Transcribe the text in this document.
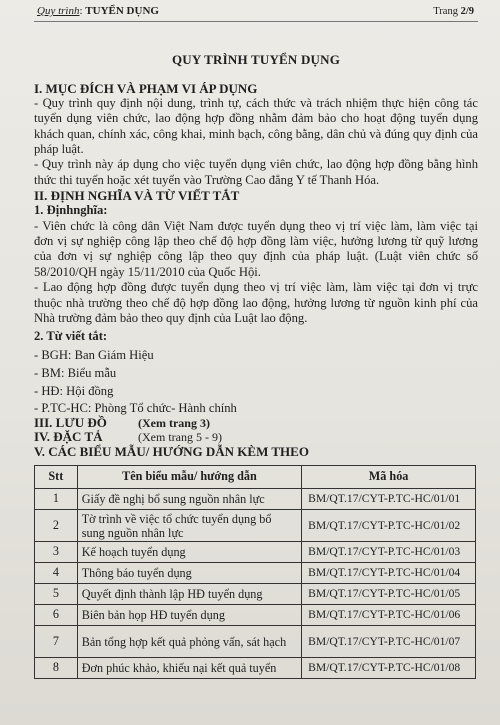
Quy trình: TUYỂN DỤNG	Trang 2/9
QUY TRÌNH TUYỂN DỤNG
I. MỤC ĐÍCH VÀ PHẠM VI ÁP DỤNG

- Quy trình quy định nội dung, trình tự, cách thức và trách nhiệm thực hiện công tác tuyển dụng viên chức, lao động hợp đồng nhằm đảm bảo cho hoạt động tuyển dụng khách quan, chính xác, công khai, minh bạch, công bằng, dân chủ và đúng quy định của pháp luật.

- Quy trình này áp dụng cho việc tuyển dụng viên chức, lao động hợp đồng bằng hình thức thi tuyển hoặc xét tuyển vào Trường Cao đẳng Y tế Thanh Hóa.

II. ĐỊNH NGHĨA VÀ TỪ VIẾT TẮT
1. Địnhnghĩa:

- Viên chức là công dân Việt Nam được tuyển dụng theo vị trí việc làm, làm việc tại đơn vị sự nghiệp công lập theo chế độ hợp đồng làm việc, hưởng lương từ quỹ lương của đơn vị sự nghiệp công lập theo quy định của pháp luật. (Luật viên chức số 58/2010/QH ngày 15/11/2010 của Quốc Hội.

- Lao động hợp đồng được tuyển dụng theo vị trí việc làm, làm việc tại đơn vị trực thuộc nhà trường theo chế độ hợp đồng lao động, hưởng lương từ nguồn kinh phí của Nhà trường đảm bảo theo quy định của Luật lao động.

2. Từ viết tắt:
- BGH: Ban Giám Hiệu
- BM: Biểu mẫu
- HĐ: Hội đồng
- P.TC-HC: Phòng Tổ chức- Hành chính
III. LƯU ĐỒ	(Xem trang 3)
IV. ĐẶC TẢ	(Xem trang 5 - 9)
V. CÁC BIỂU MẪU/ HƯỚNG DẪN KÈM THEO
Stt	Tên biểu mẫu/ hướng dẫn	Mã hóa
1	Giấy đề nghị bổ sung nguồn nhân lực	BM/QT.17/CYT-P.TC-HC/01/01
2	Tờ trình về việc tổ chức tuyển dụng bổ sung nguồn nhân lực	BM/QT.17/CYT-P.TC-HC/01/02
3	Kế hoạch tuyển dụng	BM/QT.17/CYT-P.TC-HC/01/03
4	Thông báo tuyển dụng	BM/QT.17/CYT-P.TC-HC/01/04
5	Quyết định thành lập HĐ tuyển dụng	BM/QT.17/CYT-P.TC-HC/01/05
6	Biên bản họp HĐ tuyển dụng	BM/QT.17/CYT-P.TC-HC/01/06
7	Bản tổng hợp kết quả phỏng vấn, sát hạch	BM/QT.17/CYT-P.TC-HC/01/07
8	Đơn phúc khảo, khiếu nại kết quả tuyển	BM/QT.17/CYT-P.TC-HC/01/08
